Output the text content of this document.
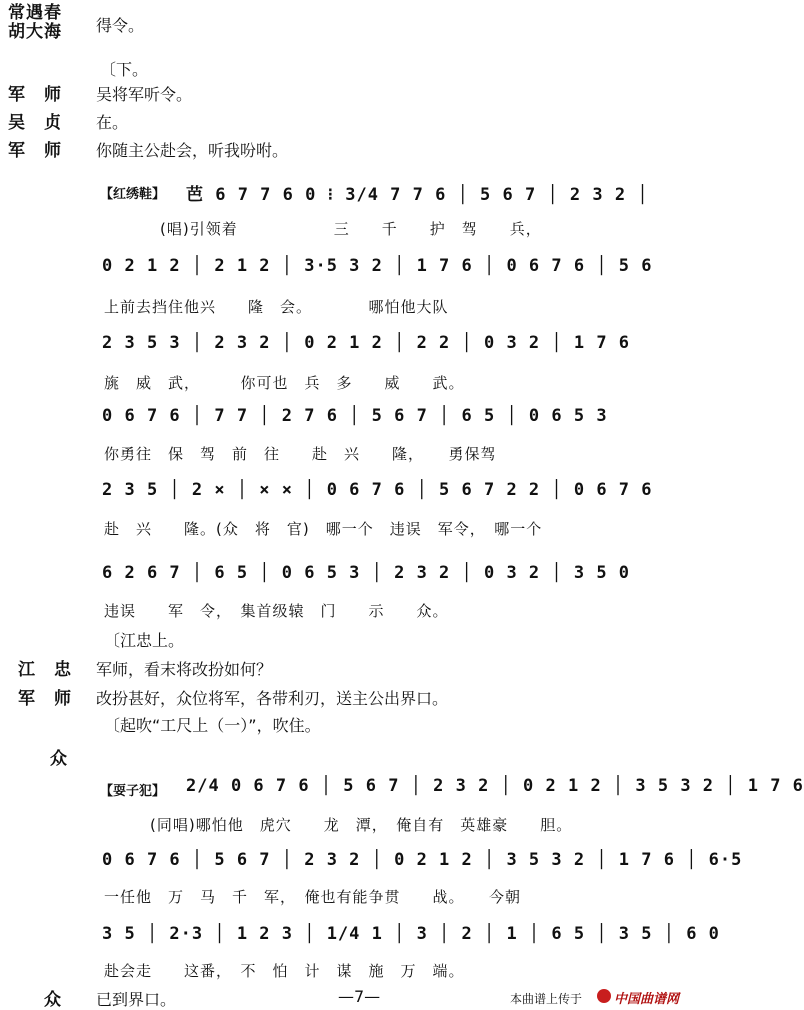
常遇春
胡大海 得令。
〔下。
军　师 吴将军听令。
吴　贞 在。
军　师 你随主公赴会，听我吩咐。
【红绣鞋】 芭 6 7 7 6 0 ⁝ 3/4 7 7 6 │ 5 6 7 │ 2 3 2 │
(唱)引领着　　　　　　三　　千　　护　驾　　兵，
0 2 1 2 │ 2 1 2 │ 3·5 3 2 │ 1 7 6 │ 0 6 7 6 │ 5 6
上前去挡住他兴　　隆　会。　　　　哪怕他大队
2 3 5 3 │ 2 3 2 │ 0 2 1 2 │ 2 2 │ 0 3 2 │ 1 7 6
旐　威　武，　　　你可也　兵　多　　威　　武。
0 6 7 6 │ 7 7 │ 2 7 6 │ 5 6 7 │ 6 5 │ 0 6 5 3
你勇往　保　驾　前　往　　赴　兴　　隆，　　勇保驾
2 3 5 │ 2 × │ × × │ 0 6 7 6 │ 5 6 7 2 2 │ 0 6 7 6
赴　兴　　隆。(众　将　官)　哪一个　违误　军令，　哪一个
6 2 6 7 │ 6 5 │ 0 6 5 3 │ 2 3 2 │ 0 3 2 │ 3 5 0
违误　　军　令，　集首级辕　门　　示　　众。
〔江忠上。
江　忠 军师，看末将改扮如何？
军　师 改扮甚好，众位将军，各带利刃，送主公出界口。
〔起吹“工尺上（一）”，吹住。
众
【耍子犯】 2/4 0 6 7 6 │ 5 6 7 │ 2 3 2 │ 0 2 1 2 │ 3 5 3 2 │ 1 7 6
(同唱)哪怕他　虎穴　　龙　潭，　俺自有　英雄豪　　胆。
0 6 7 6 │ 5 6 7 │ 2 3 2 │ 0 2 1 2 │ 3 5 3 2 │ 1 7 6 │ 6·5
一任他　万　马　千　军，　俺也有能争贯　　战。　　今朝
3 5 │ 2·3 │ 1 2 3 │ 1/4 1 │ 3 │ 2 │ 1 │ 6 5 │ 3 5 │ 6 0
赴会走　　这番，　不　怕　计　谋　施　万　端。
众 已到界口。	—7—	本曲谱上传于 中国曲谱网
